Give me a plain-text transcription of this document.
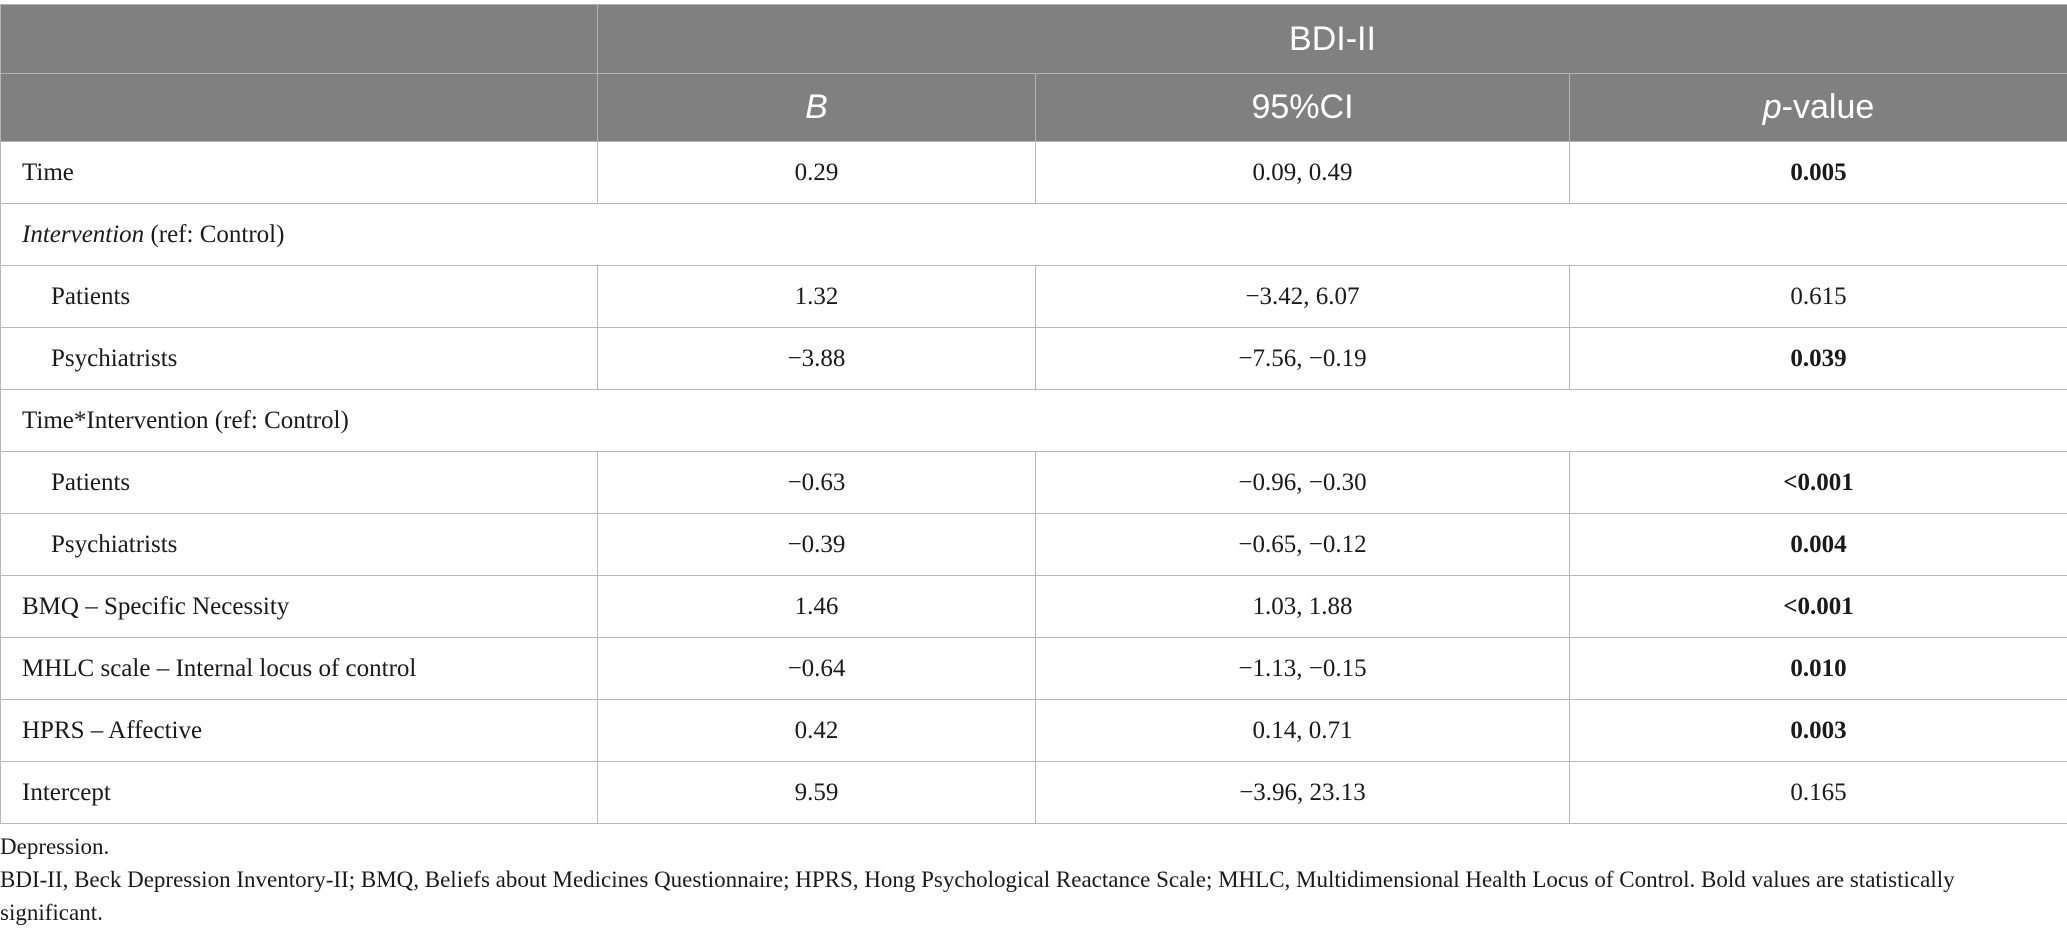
	BDI-II		
	B	95%CI	p-value
Time	0.29	0.09, 0.49	0.005
Intervention (ref: Control)			
Patients	1.32	−3.42, 6.07	0.615
Psychiatrists	−3.88	−7.56, −0.19	0.039
Time*Intervention (ref: Control)			
Patients	−0.63	−0.96, −0.30	<0.001
Psychiatrists	−0.39	−0.65, −0.12	0.004
BMQ – Specific Necessity	1.46	1.03, 1.88	<0.001
MHLC scale – Internal locus of control	−0.64	−1.13, −0.15	0.010
HPRS – Affective	0.42	0.14, 0.71	0.003
Intercept	9.59	−3.96, 23.13	0.165

Depression.

BDI-II, Beck Depression Inventory-II; BMQ, Beliefs about Medicines Questionnaire; HPRS, Hong Psychological Reactance Scale; MHLC, Multidimensional Health Locus of Control. Bold values are statistically significant.
